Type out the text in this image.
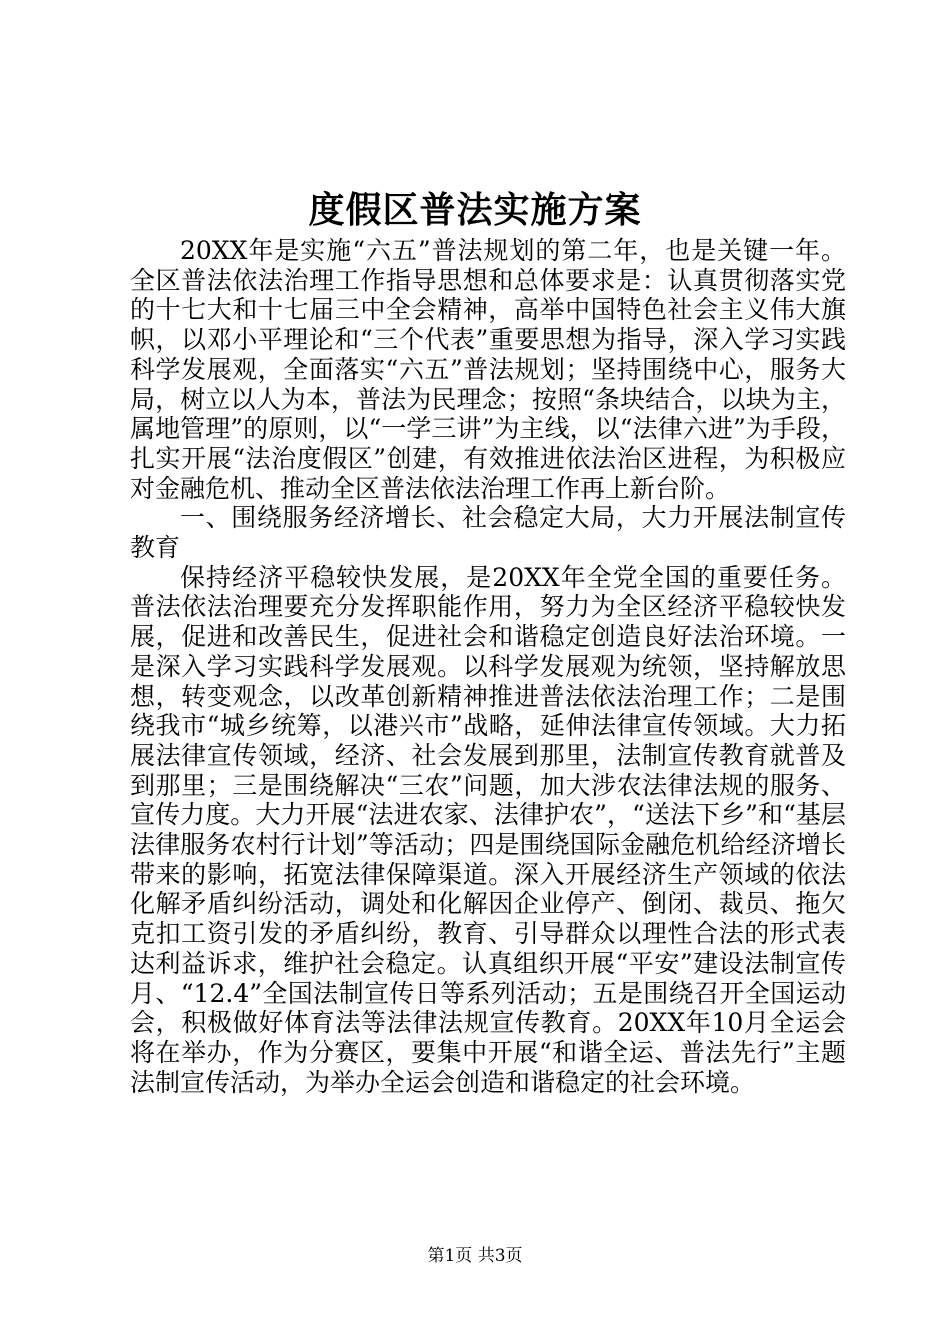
度假区普法实施方案

20XX年是实施“六五”普法规划的第二年，也是关键一年。全区普法依法治理工作指导思想和总体要求是：认真贯彻落实党的十七大和十七届三中全会精神，高举中国特色社会主义伟大旗帜，以邓小平理论和“三个代表”重要思想为指导，深入学习实践科学发展观，全面落实“六五”普法规划；坚持围绕中心，服务大局，树立以人为本，普法为民理念；按照“条块结合，以块为主，属地管理”的原则，以“一学三讲”为主线，以“法律六进”为手段，扎实开展“法治度假区”创建，有效推进依法治区进程，为积极应对金融危机、推动全区普法依法治理工作再上新台阶。

一、围绕服务经济增长、社会稳定大局，大力开展法制宣传教育

保持经济平稳较快发展，是20XX年全党全国的重要任务。普法依法治理要充分发挥职能作用，努力为全区经济平稳较快发展，促进和改善民生，促进社会和谐稳定创造良好法治环境。一是深入学习实践科学发展观。以科学发展观为统领，坚持解放思想，转变观念，以改革创新精神推进普法依法治理工作；二是围绕我市“城乡统筹，以港兴市”战略，延伸法律宣传领域。大力拓展法律宣传领域，经济、社会发展到那里，法制宣传教育就普及到那里；三是围绕解决“三农”问题，加大涉农法律法规的服务、宣传力度。大力开展“法进农家、法律护农”，“送法下乡”和“基层法律服务农村行计划”等活动；四是围绕国际金融危机给经济增长带来的影响，拓宽法律保障渠道。深入开展经济生产领域的依法化解矛盾纠纷活动，调处和化解因企业停产、倒闭、裁员、拖欠克扣工资引发的矛盾纠纷，教育、引导群众以理性合法的形式表达利益诉求，维护社会稳定。认真组织开展“平安”建设法制宣传月、“12.4”全国法制宣传日等系列活动；五是围绕召开全国运动会，积极做好体育法等法律法规宣传教育。20XX年10月全运会将在举办，作为分赛区，要集中开展“和谐全运、普法先行”主题法制宣传活动，为举办全运会创造和谐稳定的社会环境。

第1页 共3页
